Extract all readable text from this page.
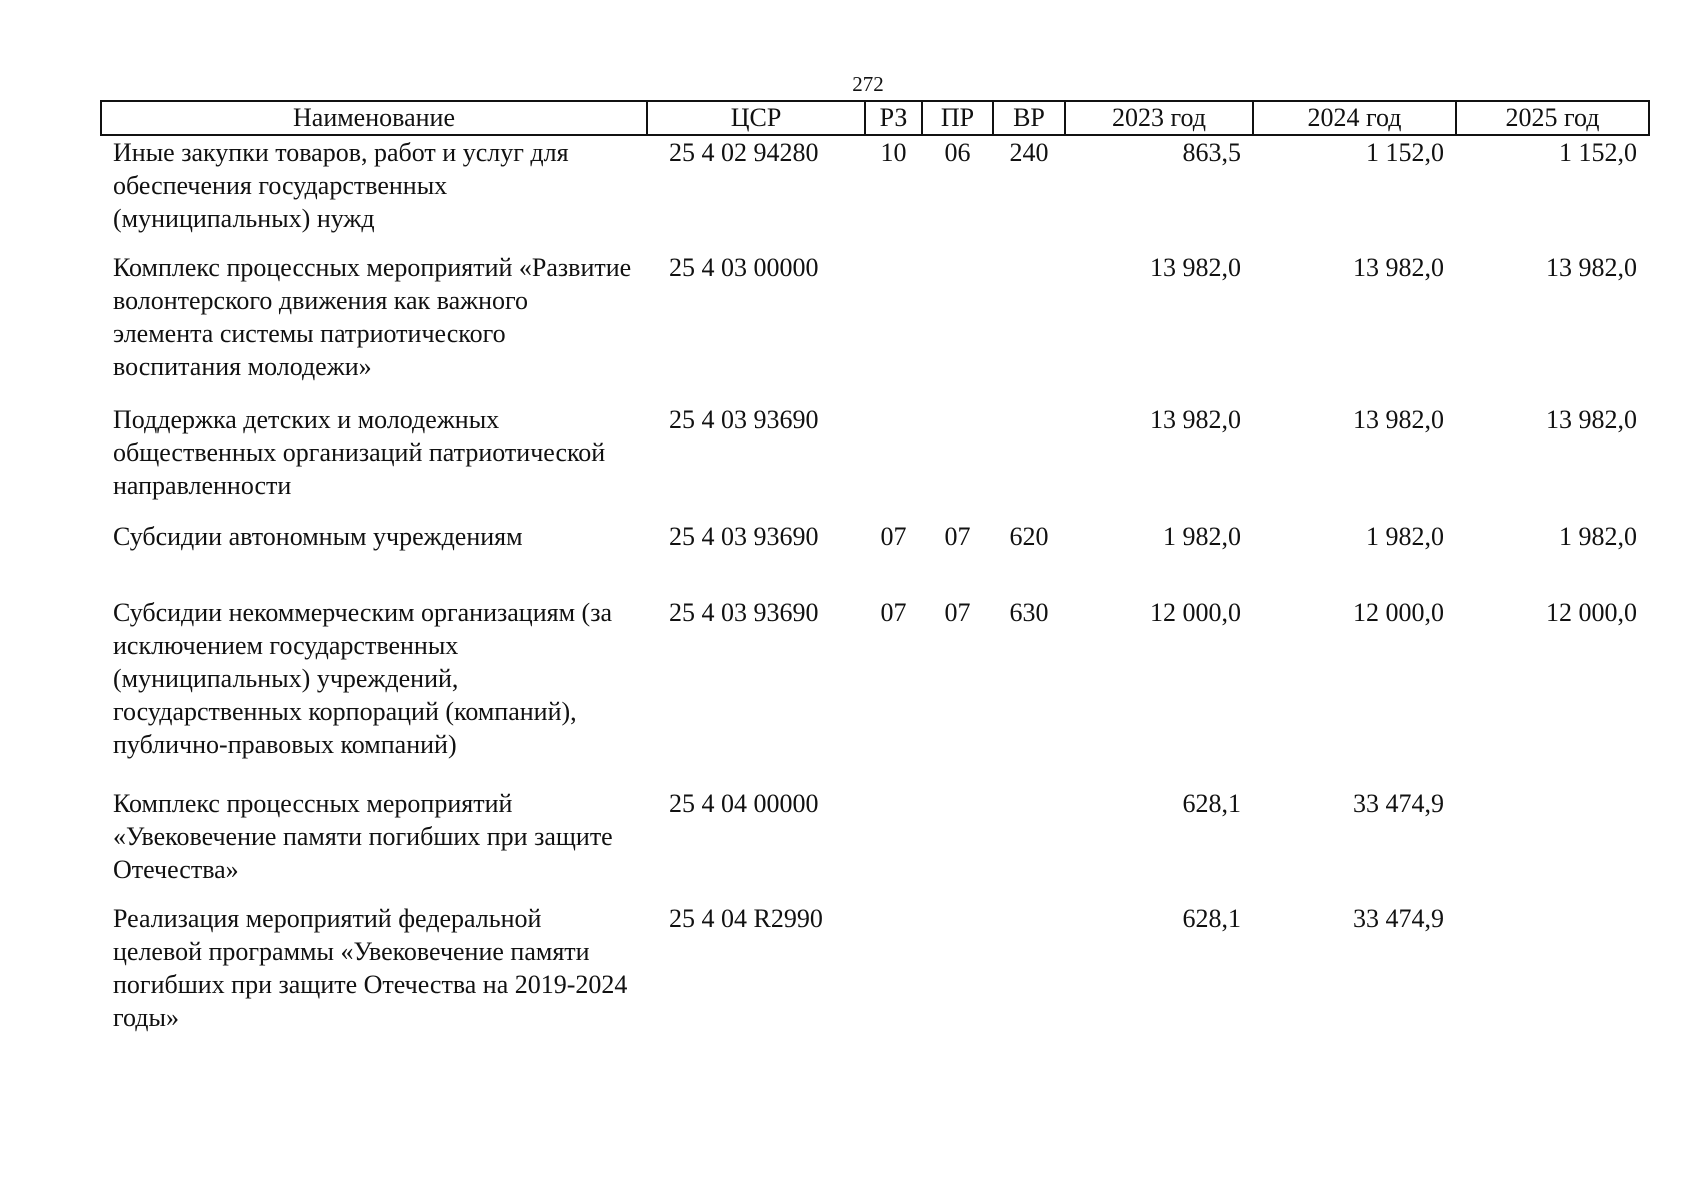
272
Наименование	ЦСР	РЗ	ПР	ВР	2023 год	2024 год	2025 год
Иные закупки товаров, работ и услуг для обеспечения государственных (муниципальных) нужд	25 4 02 94280	10	06	240	863,5	1 152,0	1 152,0
Комплекс процессных мероприятий «Развитие волонтерского движения как важного элемента системы патриотического воспитания молодежи»	25 4 03 00000				13 982,0	13 982,0	13 982,0
Поддержка детских и молодежных общественных организаций патриотической направленности	25 4 03 93690				13 982,0	13 982,0	13 982,0
Субсидии автономным учреждениям	25 4 03 93690	07	07	620	1 982,0	1 982,0	1 982,0
Субсидии некоммерческим организациям (за исключением государственных (муниципальных) учреждений, государственных корпораций (компаний), публично-правовых компаний)	25 4 03 93690	07	07	630	12 000,0	12 000,0	12 000,0
Комплекс процессных мероприятий «Увековечение памяти погибших при защите Отечества»	25 4 04 00000				628,1	33 474,9	
Реализация мероприятий федеральной целевой программы «Увековечение памяти погибших при защите Отечества на 2019-2024 годы»	25 4 04 R2990				628,1	33 474,9	
